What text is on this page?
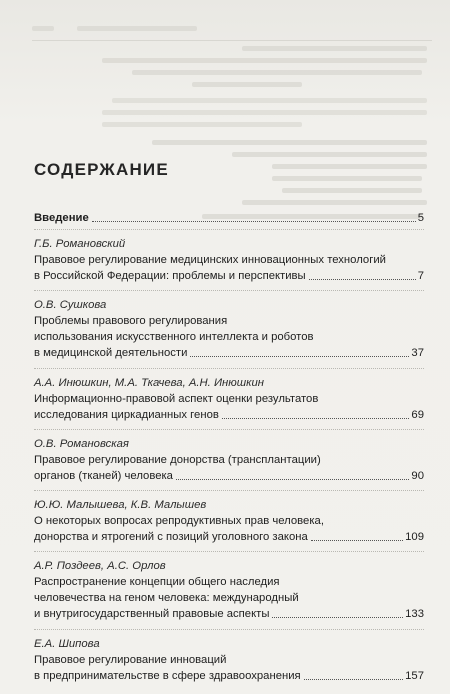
СОДЕРЖАНИЕ
Введение	5
Г.Б. Романовский
Правовое регулирование медицинских инновационных технологий
в Российской Федерации: проблемы и перспективы	7
О.В. Сушкова
Проблемы правового регулирования
использования искусственного интеллекта и роботов
в медицинской деятельности	37
А.А. Инюшкин, М.А. Ткачева, А.Н. Инюшкин
Информационно-правовой аспект оценки результатов
исследования циркадианных генов	69
О.В. Романовская
Правовое регулирование донорства (трансплантации)
органов (тканей) человека	90
Ю.Ю. Малышева, К.В. Малышев
О некоторых вопросах репродуктивных прав человека,
донорства и ятрогений с позиций уголовного закона	109
А.Р. Поздеев, А.С. Орлов
Распространение концепции общего наследия
человечества на геном человека: международный
и внутригосударственный правовые аспекты	133
Е.А. Шипова
Правовое регулирование инноваций
в предпринимательстве в сфере здравоохранения	157
